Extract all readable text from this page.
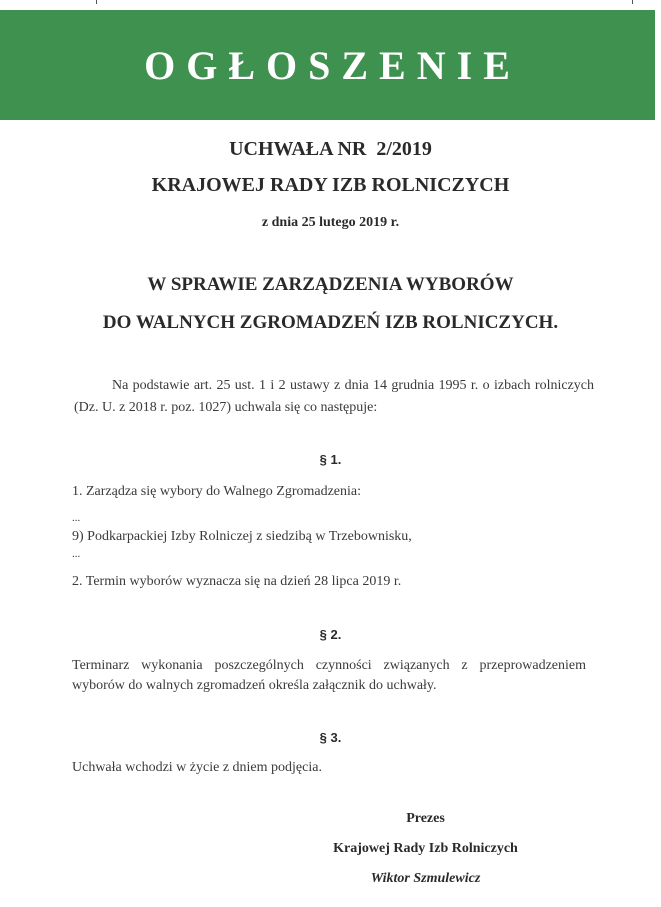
OGŁOSZENIE
UCHWAŁA NR  2/2019
KRAJOWEJ RADY IZB ROLNICZYCH
z dnia 25 lutego 2019 r.
W SPRAWIE ZARZĄDZENIA WYBORÓW
DO WALNYCH ZGROMADZEŃ IZB ROLNICZYCH.
Na podstawie art. 25 ust. 1 i 2 ustawy z dnia 14 grudnia 1995 r. o izbach rolniczych (Dz. U. z 2018 r. poz. 1027) uchwala się co następuje:
§ 1.
1. Zarządza się wybory do Walnego Zgromadzenia:
...
9) Podkarpackiej Izby Rolniczej z siedzibą w Trzebownisku,
...
2. Termin wyborów wyznacza się na dzień 28 lipca 2019 r.
§ 2.
Terminarz wykonania poszczególnych czynności związanych z przeprowadzeniem wyborów do walnych zgromadzeń określa załącznik do uchwały.
§ 3.
Uchwała wchodzi w życie z dniem podjęcia.
Prezes
Krajowej Rady Izb Rolniczych
Wiktor Szmulewicz
